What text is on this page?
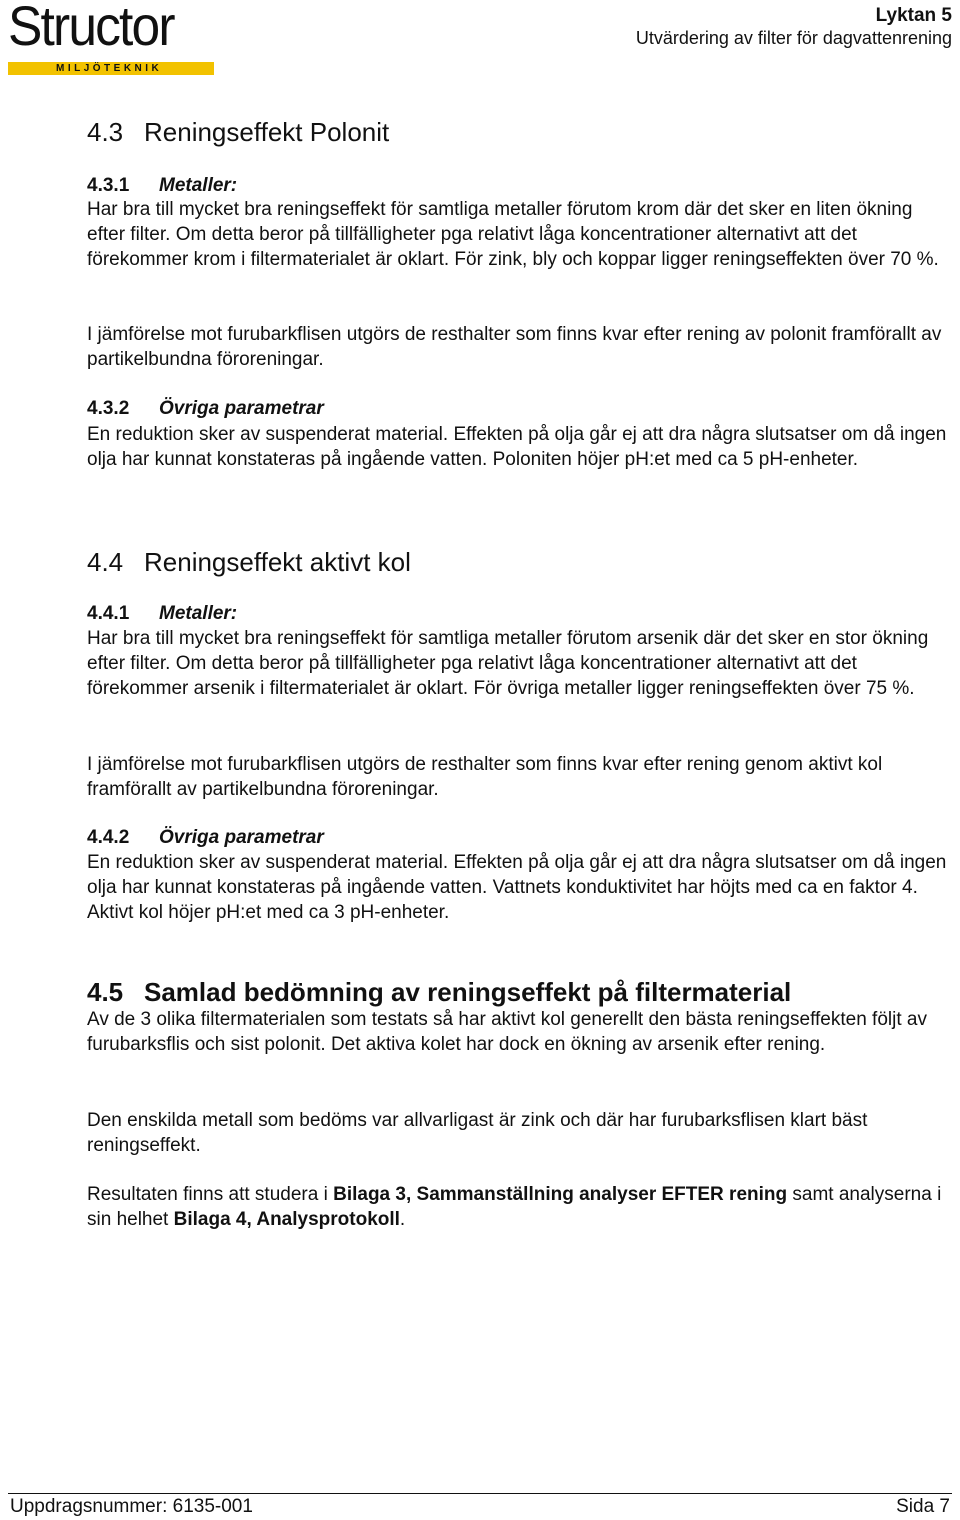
Structor
MILJÖTEKNIK
Lyktan 5
Utvärdering av filter för dagvattenrening
4.3 Reningseffekt Polonit
4.3.1 Metaller:

Har bra till mycket bra reningseffekt för samtliga metaller förutom krom där det sker en liten ökning efter filter. Om detta beror på tillfälligheter pga relativt låga koncentrationer alternativt att det förekommer krom i filtermaterialet är oklart. För zink, bly och koppar ligger reningseffekten över 70 %.

I jämförelse mot furubarkflisen utgörs de resthalter som finns kvar efter rening av polonit framförallt av partikelbundna föroreningar.

4.3.2 Övriga parametrar

En reduktion sker av suspenderat material. Effekten på olja går ej att dra några slutsatser om då ingen olja har kunnat konstateras på ingående vatten. Poloniten höjer pH:et med ca 5 pH-enheter.

4.4 Reningseffekt aktivt kol
4.4.1 Metaller:

Har bra till mycket bra reningseffekt för samtliga metaller förutom arsenik där det sker en stor ökning efter filter. Om detta beror på tillfälligheter pga relativt låga koncentrationer alternativt att det förekommer arsenik i filtermaterialet är oklart. För övriga metaller ligger reningseffekten över 75 %.

I jämförelse mot furubarkflisen utgörs de resthalter som finns kvar efter rening genom aktivt kol framförallt av partikelbundna föroreningar.

4.4.2 Övriga parametrar

En reduktion sker av suspenderat material. Effekten på olja går ej att dra några slutsatser om då ingen olja har kunnat konstateras på ingående vatten. Vattnets konduktivitet har höjts med ca en faktor 4. Aktivt kol höjer pH:et med ca 3 pH-enheter.

4.5 Samlad bedömning av reningseffekt på filtermaterial

Av de 3 olika filtermaterialen som testats så har aktivt kol generellt den bästa reningseffekten följt av furubarksflis och sist polonit. Det aktiva kolet har dock en ökning av arsenik efter rening.

Den enskilda metall som bedöms var allvarligast är zink och där har furubarksflisen klart bäst reningseffekt.

Resultaten finns att studera i Bilaga 3, Sammanställning analyser EFTER rening samt analyserna i sin helhet Bilaga 4, Analysprotokoll.

Uppdragsnummer: 6135-001	Sida 7
